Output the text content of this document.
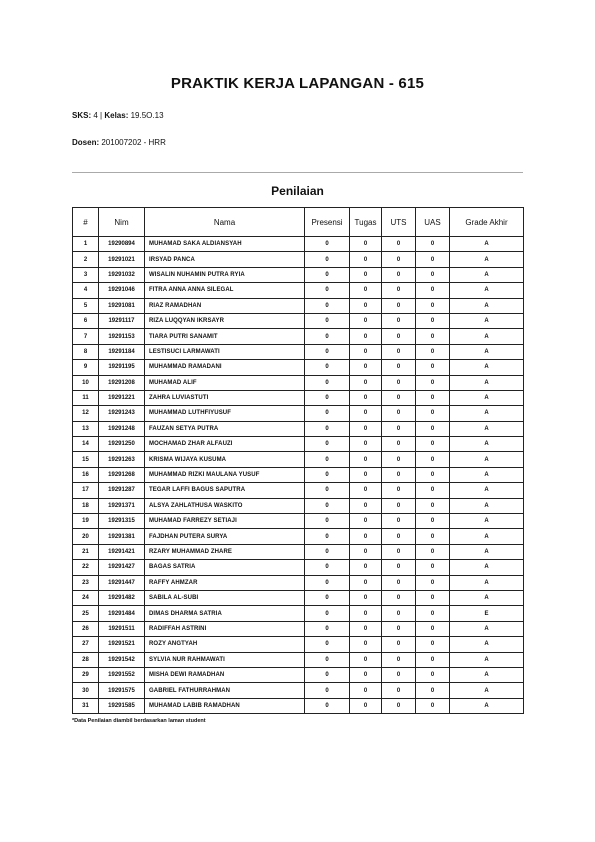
PRAKTIK KERJA LAPANGAN - 615
SKS: 4 | Kelas: 19.5O.13
Dosen: 201007202 - HRR
Penilaian
#	Nim	Nama	Presensi	Tugas	UTS	UAS	Grade Akhir
1	19290894	MUHAMAD SAKA ALDIANSYAH	0	0	0	0	A
2	19291021	IRSYAD PANCA	0	0	0	0	A
3	19291032	WISALIN NUHAMIN PUTRA RYIA	0	0	0	0	A
4	19291046	FITRA ANNA ANNA SILEGAL	0	0	0	0	A
5	19291081	RIAZ RAMADHAN	0	0	0	0	A
6	19291117	RIZA LUQQYAN IKRSAYR	0	0	0	0	A
7	19291153	TIARA PUTRI SANAMIT	0	0	0	0	A
8	19291184	LESTISUCI LARMAWATI	0	0	0	0	A
9	19291195	MUHAMMAD RAMADANI	0	0	0	0	A
10	19291208	MUHAMAD ALIF	0	0	0	0	A
11	19291221	ZAHRA LUVIASTUTI	0	0	0	0	A
12	19291243	MUHAMMAD LUTHFIYUSUF	0	0	0	0	A
13	19291248	FAUZAN SETYA PUTRA	0	0	0	0	A
14	19291250	MOCHAMAD ZHAR ALFAUZI	0	0	0	0	A
15	19291263	KRISMA WIJAYA KUSUMA	0	0	0	0	A
16	19291268	MUHAMMAD RIZKI MAULANA YUSUF	0	0	0	0	A
17	19291287	TEGAR LAFFI BAGUS SAPUTRA	0	0	0	0	A
18	19291371	ALSYA ZAHLATHUSA WASKITO	0	0	0	0	A
19	19291315	MUHAMAD FARREZY SETIAJI	0	0	0	0	A
20	19291381	FAJDHAN PUTERA SURYA	0	0	0	0	A
21	19291421	RZARY MUHAMMAD ZHARE	0	0	0	0	A
22	19291427	BAGAS SATRIA	0	0	0	0	A
23	19291447	RAFFY AHMZAR	0	0	0	0	A
24	19291482	SABILA AL-SUBI	0	0	0	0	A
25	19291484	DIMAS DHARMA SATRIA	0	0	0	0	E
26	19291511	RADIFFAH ASTRINI	0	0	0	0	A
27	19291521	ROZY ANGTYAH	0	0	0	0	A
28	19291542	SYLVIA NUR RAHMAWATI	0	0	0	0	A
29	19291552	MISHA DEWI RAMADHAN	0	0	0	0	A
30	19291575	GABRIEL FATHURRAHMAN	0	0	0	0	A
31	19291585	MUHAMAD LABIB RAMADHAN	0	0	0	0	A
*Data Penilaian diambil berdasarkan laman student
